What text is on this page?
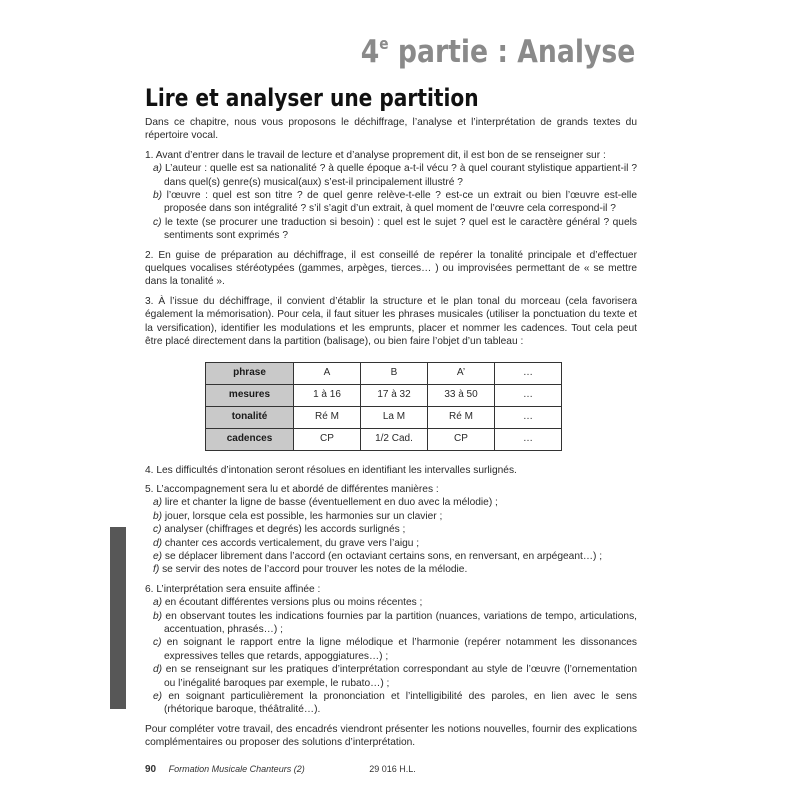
4e partie : Analyse
Lire et analyser une partition

Dans ce chapitre, nous vous proposons le déchiffrage, l’analyse et l’interprétation de grands textes du répertoire vocal.

1. Avant d’entrer dans le travail de lecture et d’analyse proprement dit, il est bon de se renseigner sur :

a) L’auteur : quelle est sa nationalité ? à quelle époque a-t-il vécu ? à quel courant stylistique appartient-il ? dans quel(s) genre(s) musical(aux) s’est-il principalement illustré ?

b) l’œuvre : quel est son titre ? de quel genre relève-t-elle ? est-ce un extrait ou bien l’œuvre est-elle proposée dans son intégralité ? s’il s’agit d’un extrait, à quel moment de l’œuvre cela correspond-il ?

c) le texte (se procurer une traduction si besoin) : quel est le sujet ? quel est le caractère général ? quels sentiments sont exprimés ?

2. En guise de préparation au déchiffrage, il est conseillé de repérer la tonalité principale et d’effectuer quelques vocalises stéréotypées (gammes, arpèges, tierces… ) ou improvisées permettant de « se mettre dans la tonalité ».

3. À l’issue du déchiffrage, il convient d’établir la structure et le plan tonal du morceau (cela favorisera également la mémorisation). Pour cela, il faut situer les phrases musicales (utiliser la ponctuation du texte et la versification), identifier les modulations et les emprunts, placer et nommer les cadences. Tout cela peut être placé directement dans la partition (balisage), ou bien faire l’objet d’un tableau :

phrase	A	B	A’	…
mesures	1 à 16	17 à 32	33 à 50	…
tonalité	Ré M	La M	Ré M	…
cadences	CP	1/2 Cad.	CP	…

4. Les difficultés d’intonation seront résolues en identifiant les intervalles surlignés.

5. L’accompagnement sera lu et abordé de différentes manières :

a) lire et chanter la ligne de basse (éventuellement en duo avec la mélodie) ;

b) jouer, lorsque cela est possible, les harmonies sur un clavier ;

c) analyser (chiffrages et degrés) les accords surlignés ;

d) chanter ces accords verticalement, du grave vers l’aigu ;

e) se déplacer librement dans l’accord (en octaviant certains sons, en renversant, en arpégeant…) ;

f) se servir des notes de l’accord pour trouver les notes de la mélodie.

6. L’interprétation sera ensuite affinée :

a) en écoutant différentes versions plus ou moins récentes ;

b) en observant toutes les indications fournies par la partition (nuances, variations de tempo, articulations, accentuation, phrasés…) ;

c) en soignant le rapport entre la ligne mélodique et l’harmonie (repérer notamment les dissonances expressives telles que retards, appoggiatures…) ;

d) en se renseignant sur les pratiques d’interprétation correspondant au style de l’œuvre (l’ornementation ou l’inégalité baroques par exemple, le rubato…) ;

e) en soignant particulièrement la prononciation et l’intelligibilité des paroles, en lien avec le sens (rhétorique baroque, théâtralité…).

Pour compléter votre travail, des encadrés viendront présenter les notions nouvelles, fournir des explications complémentaires ou proposer des solutions d’interprétation.

90 Formation Musicale Chanteurs (2)	29 016 H.L.
